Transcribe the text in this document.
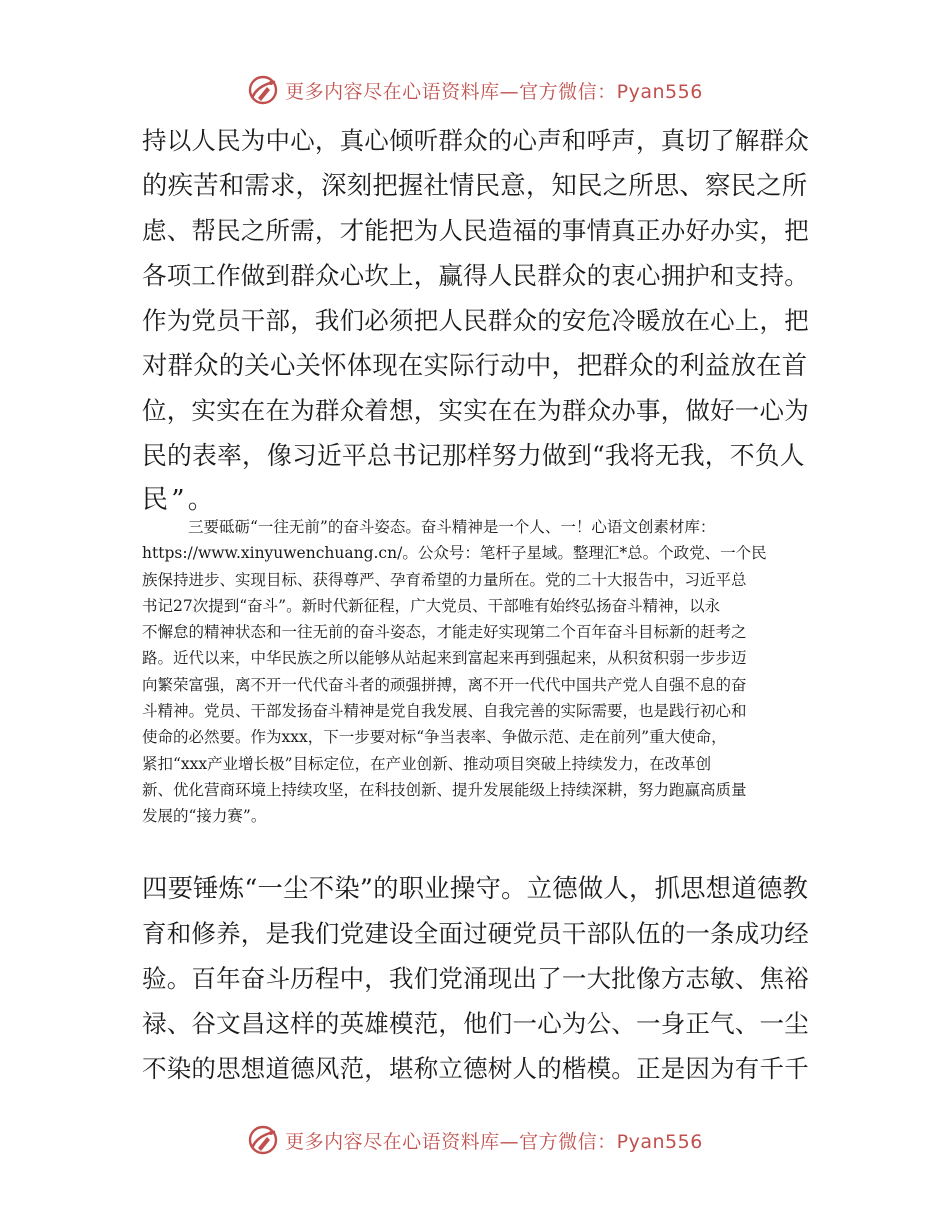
更多内容尽在心语资料库—官方微信：Pyan556
持以人民为中心，真心倾听群众的心声和呼声，真切了解群众
的疾苦和需求，深刻把握社情民意，知民之所思、察民之所
虑、帮民之所需，才能把为人民造福的事情真正办好办实，把
各项工作做到群众心坎上，赢得人民群众的衷心拥护和支持。
作为党员干部，我们必须把人民群众的安危冷暖放在心上，把
对群众的关心关怀体现在实际行动中，把群众的利益放在首
位，实实在在为群众着想，实实在在为群众办事，做好一心为
民的表率，像习近平总书记那样努力做到“我将无我，不负人
民”。
三要砥砺“一往无前”的奋斗姿态。奋斗精神是一个人、一！心语文创素材库：
https://www.xinyuwenchuang.cn/。公众号：笔杆子星域。整理汇*总。个政党、一个民
族保持进步、实现目标、获得尊严、孕育希望的力量所在。党的二十大报告中，习近平总
书记27次提到“奋斗”。新时代新征程，广大党员、干部唯有始终弘扬奋斗精神，以永
不懈怠的精神状态和一往无前的奋斗姿态，才能走好实现第二个百年奋斗目标新的赶考之
路。近代以来，中华民族之所以能够从站起来到富起来再到强起来，从积贫积弱一步步迈
向繁荣富强，离不开一代代奋斗者的顽强拼搏，离不开一代代中国共产党人自强不息的奋
斗精神。党员、干部发扬奋斗精神是党自我发展、自我完善的实际需要，也是践行初心和
使命的必然要。作为xxx，下一步要对标“争当表率、争做示范、走在前列”重大使命，
紧扣“xxx产业增长极”目标定位，在产业创新、推动项目突破上持续发力，在改革创
新、优化营商环境上持续攻坚，在科技创新、提升发展能级上持续深耕，努力跑赢高质量
发展的“接力赛”。
四要锤炼“一尘不染”的职业操守。立德做人，抓思想道德教
育和修养，是我们党建设全面过硬党员干部队伍的一条成功经
验。百年奋斗历程中，我们党涌现出了一大批像方志敏、焦裕
禄、谷文昌这样的英雄模范，他们一心为公、一身正气、一尘
不染的思想道德风范，堪称立德树人的楷模。正是因为有千千
更多内容尽在心语资料库—官方微信：Pyan556
